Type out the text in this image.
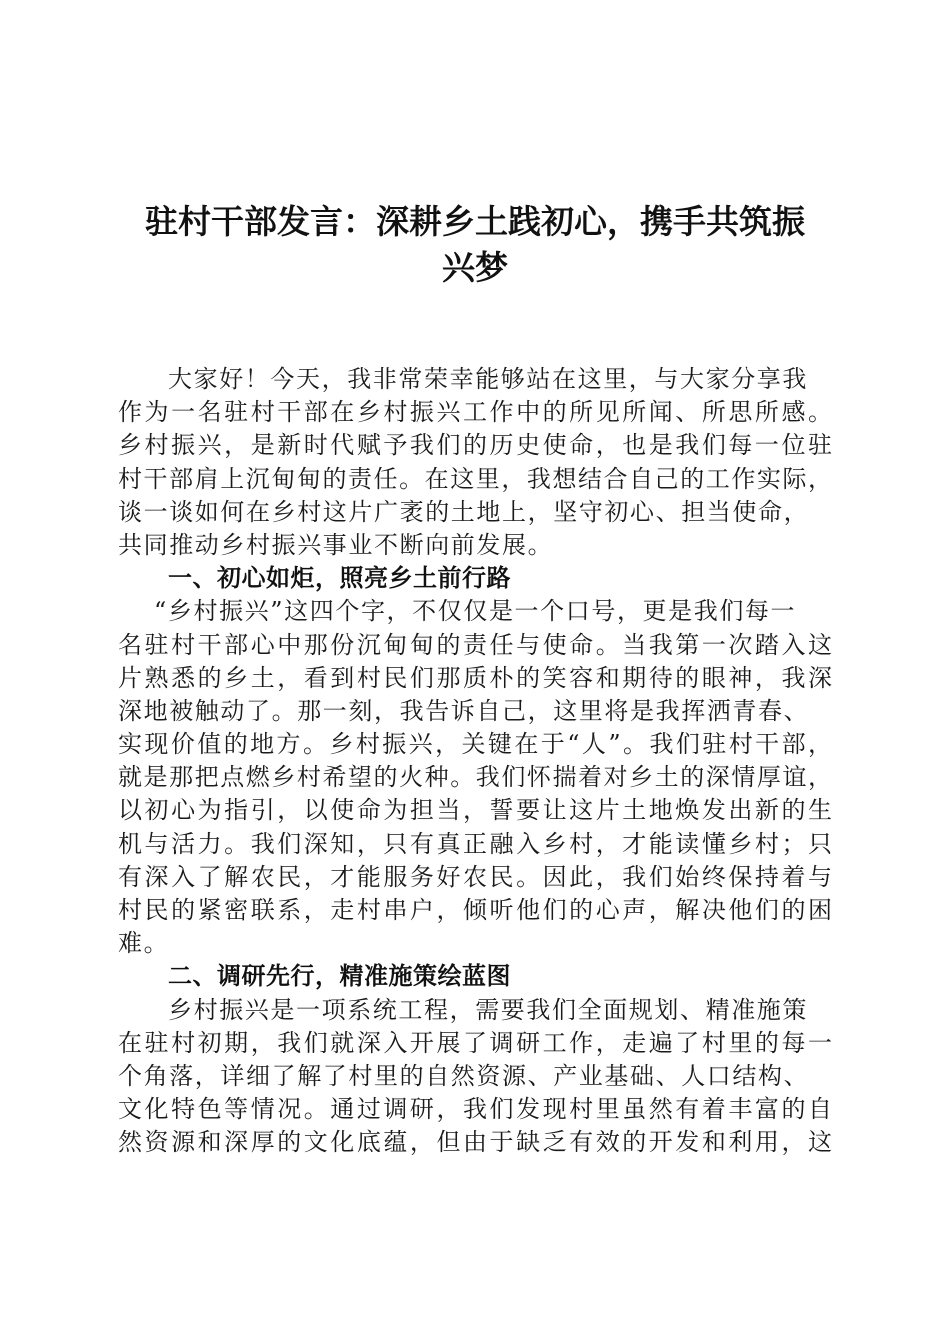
驻村干部发言：深耕乡土践初心，携手共筑振
兴梦
大家好！今天，我非常荣幸能够站在这里，与大家分享我
作为一名驻村干部在乡村振兴工作中的所见所闻、所思所感。
乡村振兴，是新时代赋予我们的历史使命，也是我们每一位驻
村干部肩上沉甸甸的责任。在这里，我想结合自己的工作实际，
谈一谈如何在乡村这片广袤的土地上，坚守初心、担当使命，
共同推动乡村振兴事业不断向前发展。
一、初心如炬，照亮乡土前行路
“乡村振兴”这四个字，不仅仅是一个口号，更是我们每一
名驻村干部心中那份沉甸甸的责任与使命。当我第一次踏入这
片熟悉的乡土，看到村民们那质朴的笑容和期待的眼神，我深
深地被触动了。那一刻，我告诉自己，这里将是我挥洒青春、
实现价值的地方。乡村振兴，关键在于“人”。我们驻村干部，
就是那把点燃乡村希望的火种。我们怀揣着对乡土的深情厚谊，
以初心为指引，以使命为担当，誓要让这片土地焕发出新的生
机与活力。我们深知，只有真正融入乡村，才能读懂乡村；只
有深入了解农民，才能服务好农民。因此，我们始终保持着与
村民的紧密联系，走村串户，倾听他们的心声，解决他们的困
难。
二、调研先行，精准施策绘蓝图
乡村振兴是一项系统工程，需要我们全面规划、精准施策
在驻村初期，我们就深入开展了调研工作，走遍了村里的每一
个角落，详细了解了村里的自然资源、产业基础、人口结构、
文化特色等情况。通过调研，我们发现村里虽然有着丰富的自
然资源和深厚的文化底蕴，但由于缺乏有效的开发和利用，这
